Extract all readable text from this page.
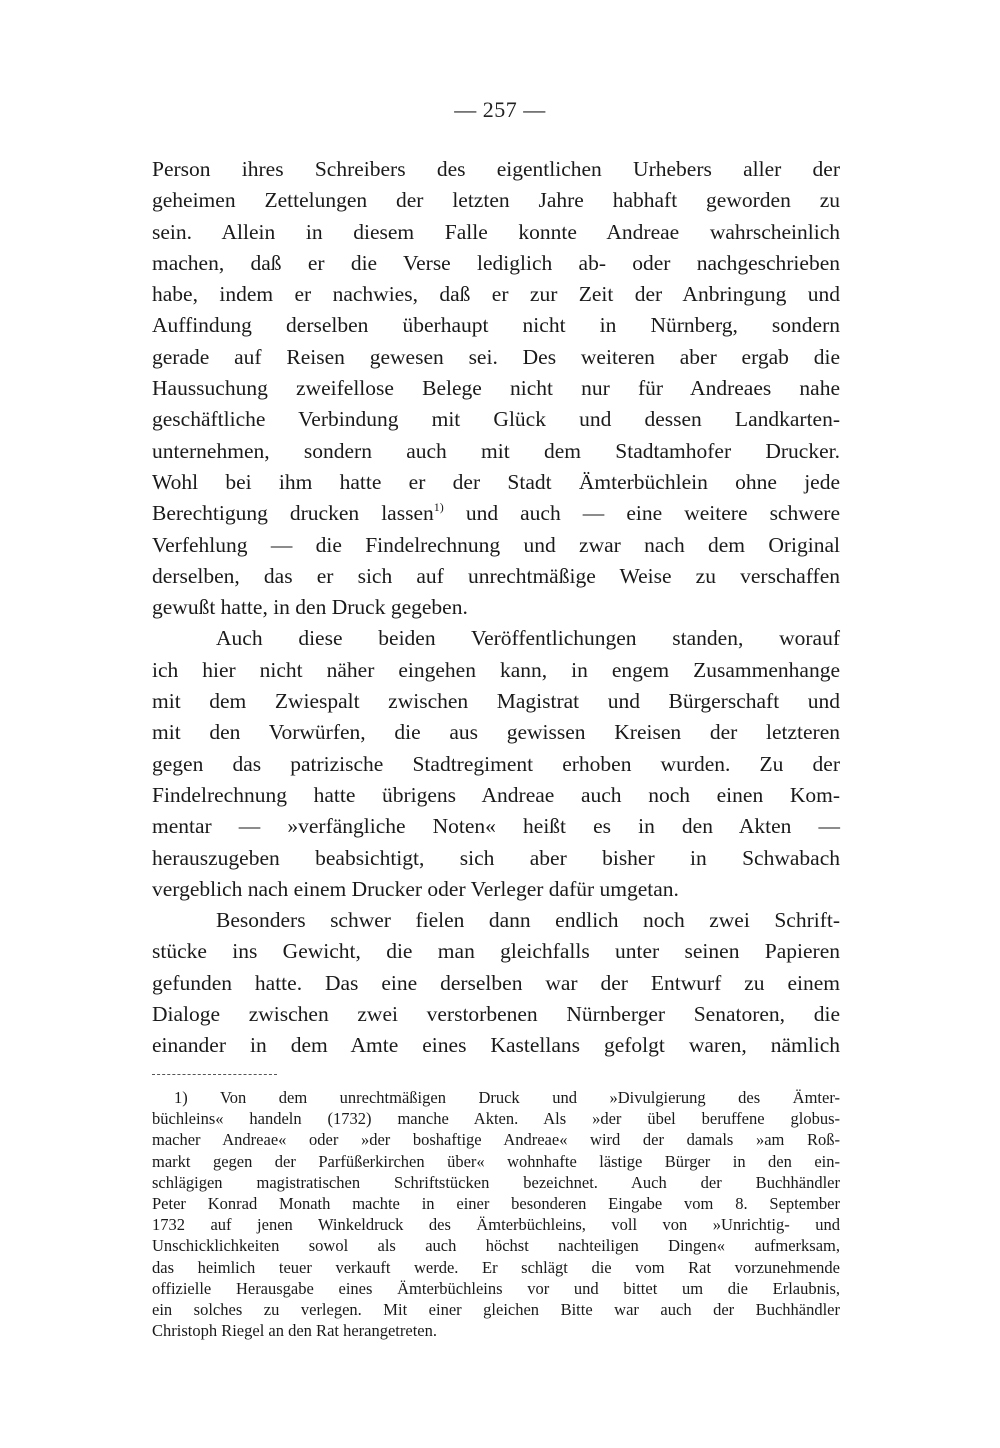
— 257 —
Person ihres Schreibers des eigentlichen Urhebers aller der
geheimen Zettelungen der letzten Jahre habhaft geworden zu
sein. Allein in diesem Falle konnte Andreae wahrscheinlich
machen, daß er die Verse lediglich ab- oder nachgeschrieben
habe, indem er nachwies, daß er zur Zeit der Anbringung und
Auffindung derselben überhaupt nicht in Nürnberg, sondern
gerade auf Reisen gewesen sei. Des weiteren aber ergab die
Haussuchung zweifellose Belege nicht nur für Andreaes nahe
geschäftliche Verbindung mit Glück und dessen Landkarten-
unternehmen, sondern auch mit dem Stadtamhofer Drucker.
Wohl bei ihm hatte er der Stadt Ämterbüchlein ohne jede
Berechtigung drucken lassen$^{1)}$ und auch — eine weitere schwere
Verfehlung — die Findelrechnung und zwar nach dem Original
derselben, das er sich auf unrechtmäßige Weise zu verschaffen
gewußt hatte, in den Druck gegeben.
Auch diese beiden Veröffentlichungen standen, worauf
ich hier nicht näher eingehen kann, in engem Zusammenhange
mit dem Zwiespalt zwischen Magistrat und Bürgerschaft und
mit den Vorwürfen, die aus gewissen Kreisen der letzteren
gegen das patrizische Stadtregiment erhoben wurden. Zu der
Findelrechnung hatte übrigens Andreae auch noch einen Kom-
mentar — »verfängliche Noten« heißt es in den Akten —
herauszugeben beabsichtigt, sich aber bisher in Schwabach
vergeblich nach einem Drucker oder Verleger dafür umgetan.
Besonders schwer fielen dann endlich noch zwei Schrift-
stücke ins Gewicht, die man gleichfalls unter seinen Papieren
gefunden hatte. Das eine derselben war der Entwurf zu einem
Dialoge zwischen zwei verstorbenen Nürnberger Senatoren, die
einander in dem Amte eines Kastellans gefolgt waren, nämlich
1) Von dem unrechtmäßigen Druck und »Divulgierung des Ämter-
büchleins« handeln (1732) manche Akten. Als »der übel beruffene globus-
macher Andreae« oder »der boshaftige Andreae« wird der damals »am Roß-
markt gegen der Parfüßerkirchen über« wohnhafte lästige Bürger in den ein-
schlägigen magistratischen Schriftstücken bezeichnet. Auch der Buchhändler
Peter Konrad Monath machte in einer besonderen Eingabe vom 8. September
1732 auf jenen Winkeldruck des Ämterbüchleins, voll von »Unrichtig- und
Unschicklichkeiten sowol als auch höchst nachteiligen Dingen« aufmerksam,
das heimlich teuer verkauft werde. Er schlägt die vom Rat vorzunehmende
offizielle Herausgabe eines Ämterbüchleins vor und bittet um die Erlaubnis,
ein solches zu verlegen. Mit einer gleichen Bitte war auch der Buchhändler
Christoph Riegel an den Rat herangetreten.
